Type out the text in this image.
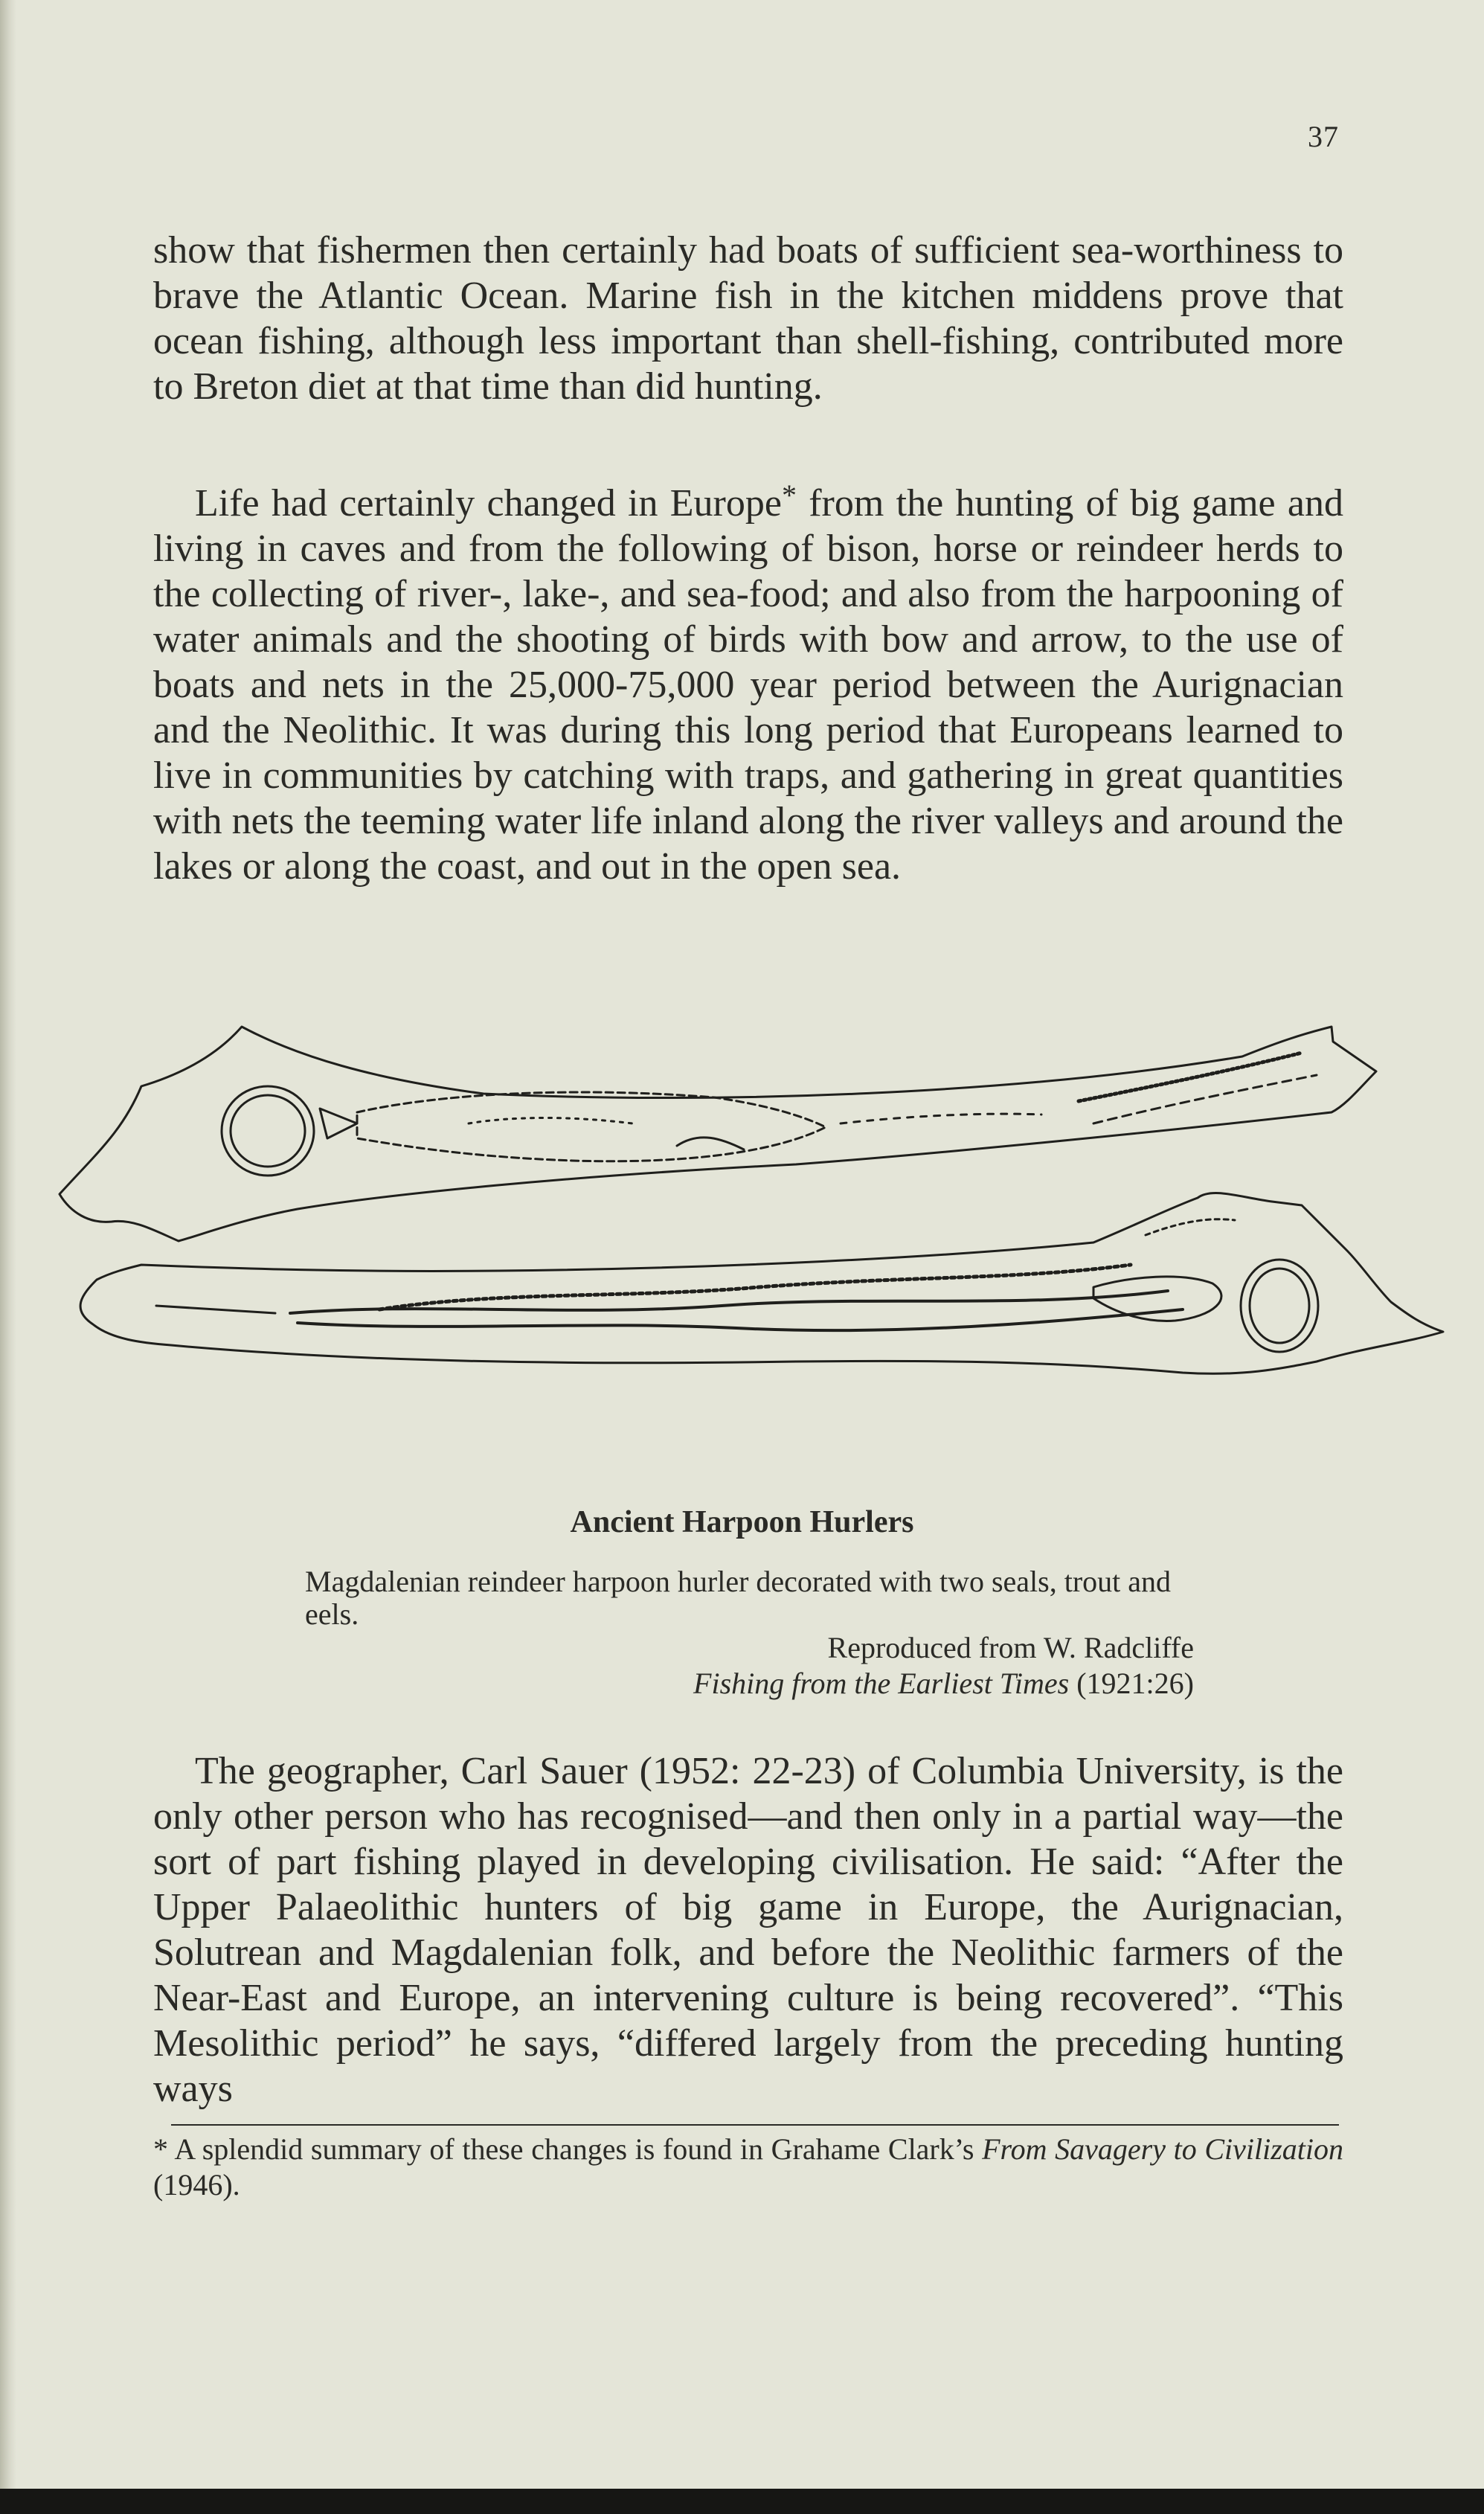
37

show that fishermen then certainly had boats of sufficient sea-worthiness to brave the Atlantic Ocean. Marine fish in the kitchen middens prove that ocean fishing, although less important than shell-fishing, contributed more to Breton diet at that time than did hunting.

Life had certainly changed in Europe* from the hunting of big game and living in caves and from the following of bison, horse or reindeer herds to the collecting of river-, lake-, and sea-food; and also from the harpooning of water animals and the shooting of birds with bow and arrow, to the use of boats and nets in the 25,000-75,000 year period between the Aurignacian and the Neolithic. It was during this long period that Europeans learned to live in communities by catching with traps, and gathering in great quantities with nets the teeming water life inland along the river valleys and around the lakes or along the coast, and out in the open sea.

Ancient Harpoon Hurlers

Magdalenian reindeer harpoon hurler decorated with two seals, trout and eels.

Reproduced from W. Radcliffe
Fishing from the Earliest Times (1921:26)

The geographer, Carl Sauer (1952: 22-23) of Columbia University, is the only other person who has recognised—and then only in a partial way—the sort of part fishing played in developing civilisation. He said: “After the Upper Palaeolithic hunters of big game in Europe, the Aurignacian, Solutrean and Magdalenian folk, and before the Neolithic farmers of the Near-East and Europe, an intervening culture is being recovered”. “This Mesolithic period” he says, “differed largely from the preceding hunting ways

* A splendid summary of these changes is found in Grahame Clark’s From Savagery to Civilization (1946).
